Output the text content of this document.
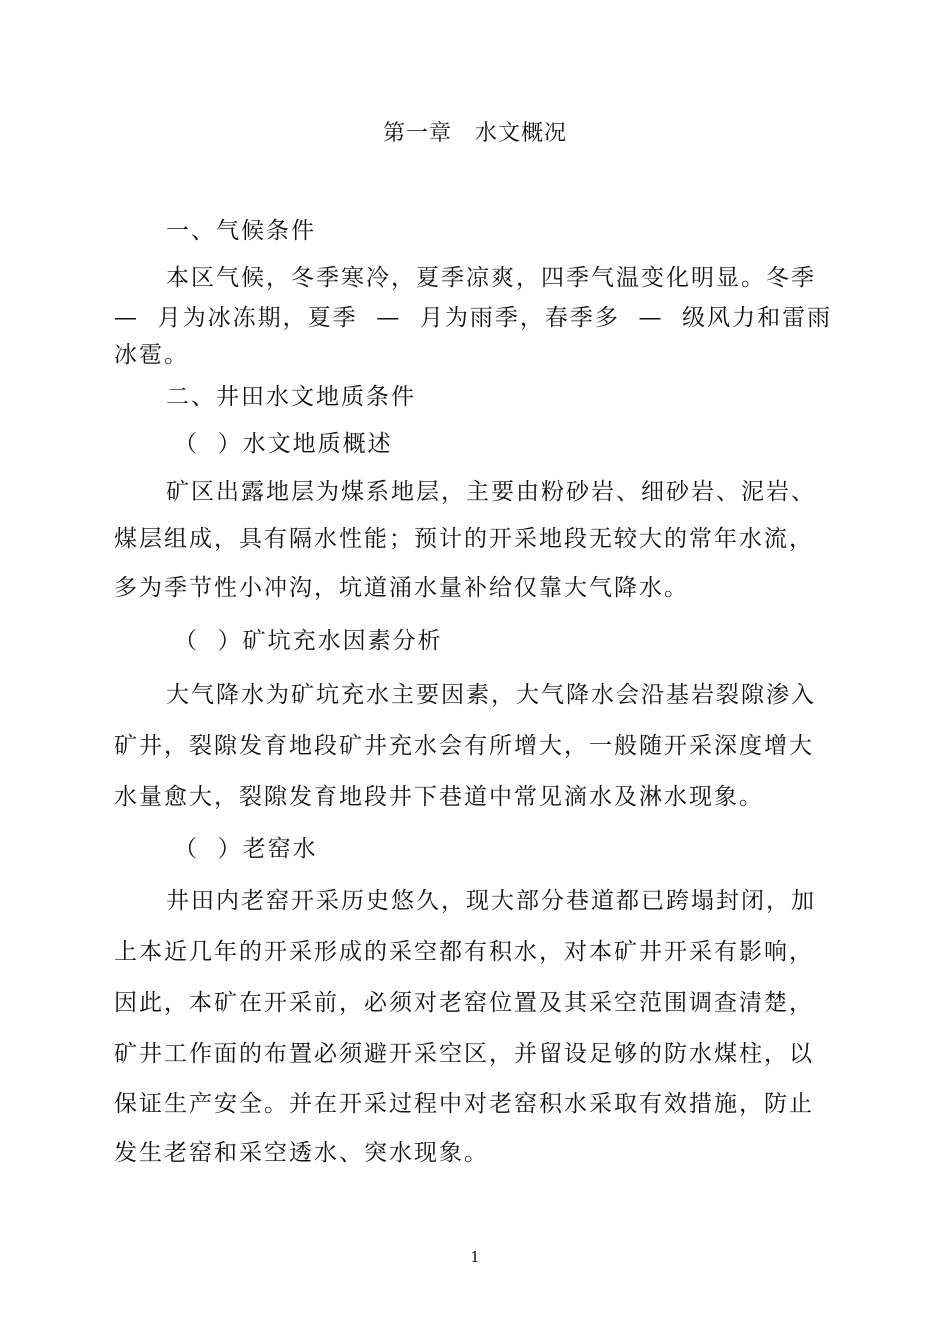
第一章　水文概况
一、气候条件
本区气候，冬季寒冷，夏季凉爽，四季气温变化明显。冬季
—  月为冰冻期，夏季  —  月为雨季，春季多  —  级风力和雷雨
冰雹。
二、井田水文地质条件
（  ）水文地质概述
矿区出露地层为煤系地层，主要由粉砂岩、细砂岩、泥岩、
煤层组成，具有隔水性能；预计的开采地段无较大的常年水流，
多为季节性小冲沟，坑道涌水量补给仅靠大气降水。
（  ）矿坑充水因素分析
大气降水为矿坑充水主要因素，大气降水会沿基岩裂隙渗入
矿井，裂隙发育地段矿井充水会有所增大，一般随开采深度增大
水量愈大，裂隙发育地段井下巷道中常见滴水及淋水现象。
（  ）老窑水
井田内老窑开采历史悠久，现大部分巷道都已跨塌封闭，加
上本近几年的开采形成的采空都有积水，对本矿井开采有影响，
因此，本矿在开采前，必须对老窑位置及其采空范围调查清楚，
矿井工作面的布置必须避开采空区，并留设足够的防水煤柱，以
保证生产安全。并在开采过程中对老窑积水采取有效措施，防止
发生老窑和采空透水、突水现象。
1
